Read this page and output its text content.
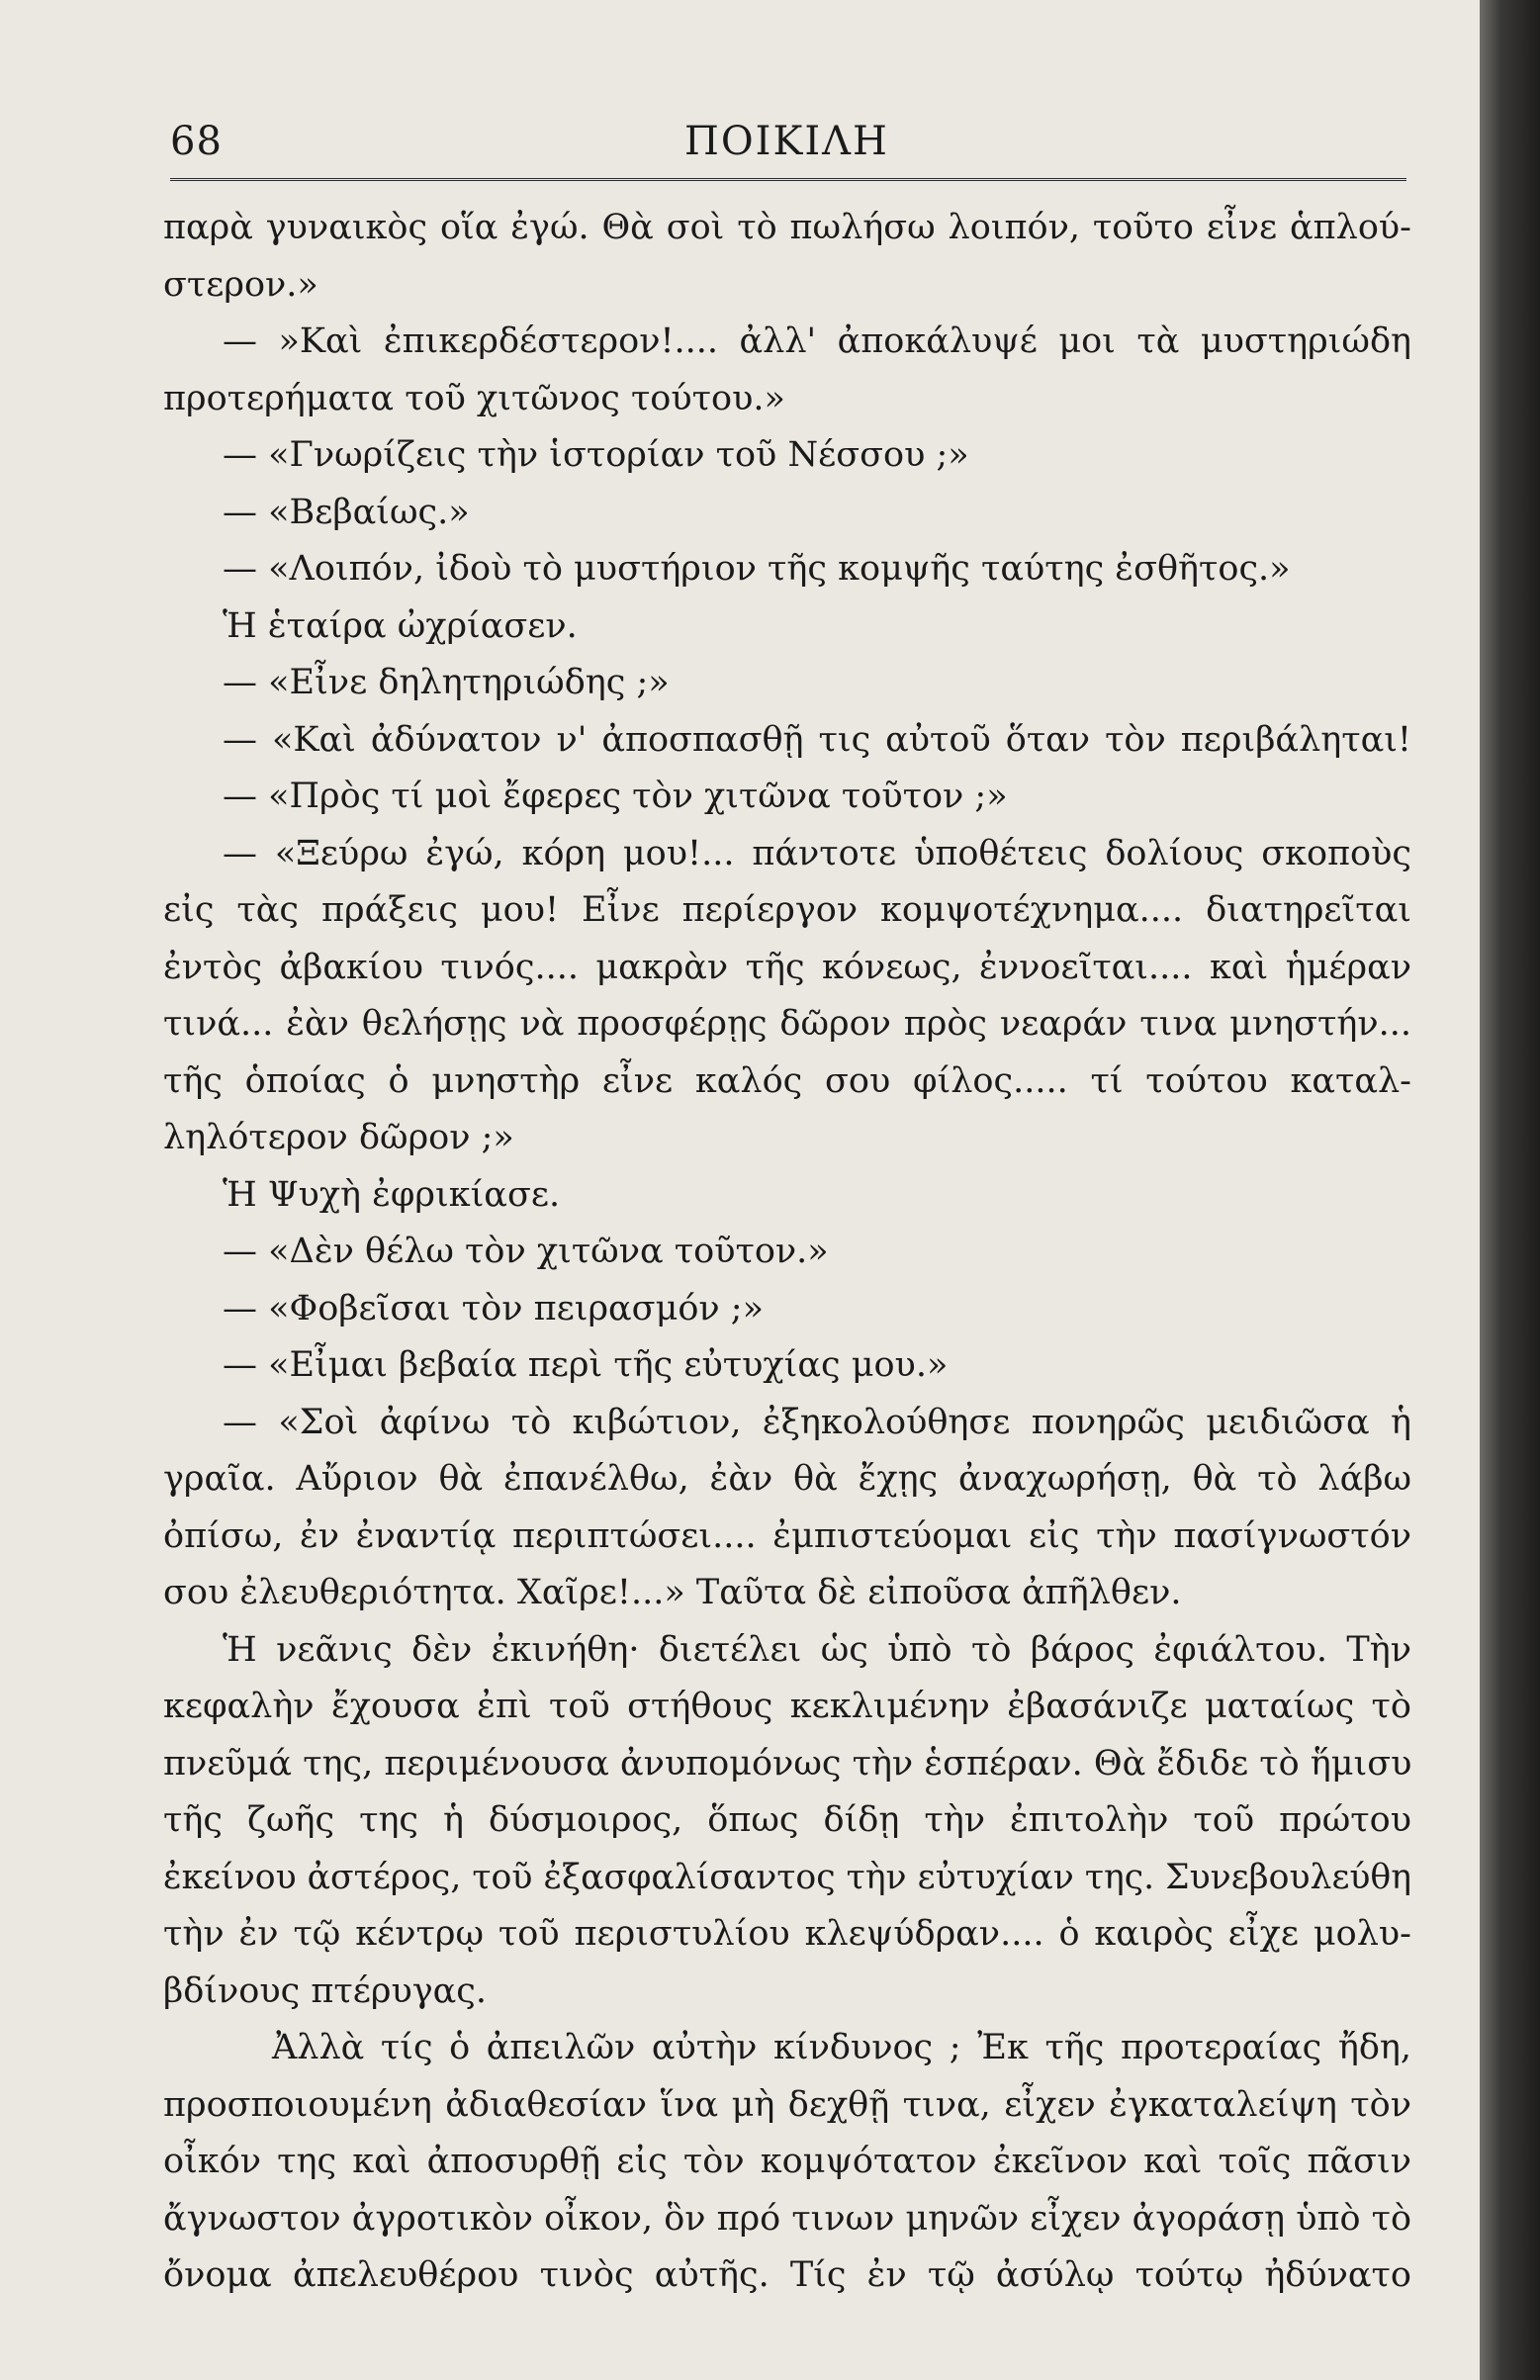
68	ΠΟΙΚΙΛΗ
παρὰ γυναικὸς οἵα ἐγώ. Θὰ σοὶ τὸ πωλήσω λοιπόν, τοῦτο εἶνε ἁπλού-
στερον.»
— »Καὶ ἐπικερδέστερον!.... ἀλλ' ἀποκάλυψέ μοι τὰ μυστηριώδη
προτερήματα τοῦ χιτῶνος τούτου.»
— «Γνωρίζεις τὴν ἱστορίαν τοῦ Νέσσου ;»
— «Βεβαίως.»
— «Λοιπόν, ἰδοὺ τὸ μυστήριον τῆς κομψῆς ταύτης ἐσθῆτος.»
Ἡ ἑταίρα ὠχρίασεν.
— «Εἶνε δηλητηριώδης ;»
— «Καὶ ἀδύνατον ν' ἀποσπασθῇ τις αὐτοῦ ὅταν τὸν περιβάληται!
— «Πρὸς τί μοὶ ἔφερες τὸν χιτῶνα τοῦτον ;»
— «Ξεύρω ἐγώ, κόρη μου!... πάντοτε ὑποθέτεις δολίους σκοποὺς
εἰς τὰς πράξεις μου! Εἶνε περίεργον κομψοτέχνημα.... διατηρεῖται
ἐντὸς ἀβακίου τινός.... μακρὰν τῆς κόνεως, ἐννοεῖται.... καὶ ἡμέραν
τινά... ἐὰν θελήσῃς νὰ προσφέρῃς δῶρον πρὸς νεαράν τινα μνηστήν...
τῆς ὁποίας ὁ μνηστὴρ εἶνε καλός σου φίλος..... τί τούτου καταλ-
ληλότερον δῶρον ;»
Ἡ Ψυχὴ ἐφρικίασε.
— «Δὲν θέλω τὸν χιτῶνα τοῦτον.»
— «Φοβεῖσαι τὸν πειρασμόν ;»
— «Εἶμαι βεβαία περὶ τῆς εὐτυχίας μου.»
— «Σοὶ ἀφίνω τὸ κιβώτιον, ἐξηκολούθησε πονηρῶς μειδιῶσα ἡ
γραῖα. Αὔριον θὰ ἐπανέλθω, ἐὰν θὰ ἔχῃς ἀναχωρήσῃ, θὰ τὸ λάβω
ὀπίσω, ἐν ἐναντίᾳ περιπτώσει.... ἐμπιστεύομαι εἰς τὴν πασίγνωστόν
σου ἐλευθεριότητα. Χαῖρε!...» Ταῦτα δὲ εἰποῦσα ἀπῆλθεν.
Ἡ νεᾶνις δὲν ἐκινήθη· διετέλει ὡς ὑπὸ τὸ βάρος ἐφιάλτου. Τὴν
κεφαλὴν ἔχουσα ἐπὶ τοῦ στήθους κεκλιμένην ἐβασάνιζε ματαίως τὸ
πνεῦμά της, περιμένουσα ἀνυπομόνως τὴν ἑσπέραν. Θὰ ἔδιδε τὸ ἥμισυ
τῆς ζωῆς της ἡ δύσμοιρος, ὅπως δίδῃ τὴν ἐπιτολὴν τοῦ πρώτου
ἐκείνου ἀστέρος, τοῦ ἐξασφαλίσαντος τὴν εὐτυχίαν της. Συνεβουλεύθη
τὴν ἐν τῷ κέντρῳ τοῦ περιστυλίου κλεψύδραν.... ὁ καιρὸς εἶχε μολυ-
βδίνους πτέρυγας.
Ἀλλὰ τίς ὁ ἀπειλῶν αὐτὴν κίνδυνος ; Ἐκ τῆς προτεραίας ἤδη,
προσποιουμένη ἀδιαθεσίαν ἵνα μὴ δεχθῇ τινα, εἶχεν ἐγκαταλείψη τὸν
οἶκόν της καὶ ἀποσυρθῇ εἰς τὸν κομψότατον ἐκεῖνον καὶ τοῖς πᾶσιν
ἄγνωστον ἀγροτικὸν οἶκον, ὃν πρό τινων μηνῶν εἶχεν ἀγοράσῃ ὑπὸ τὸ
ὄνομα ἀπελευθέρου τινὸς αὐτῆς. Τίς ἐν τῷ ἀσύλῳ τούτῳ ἠδύνατο
